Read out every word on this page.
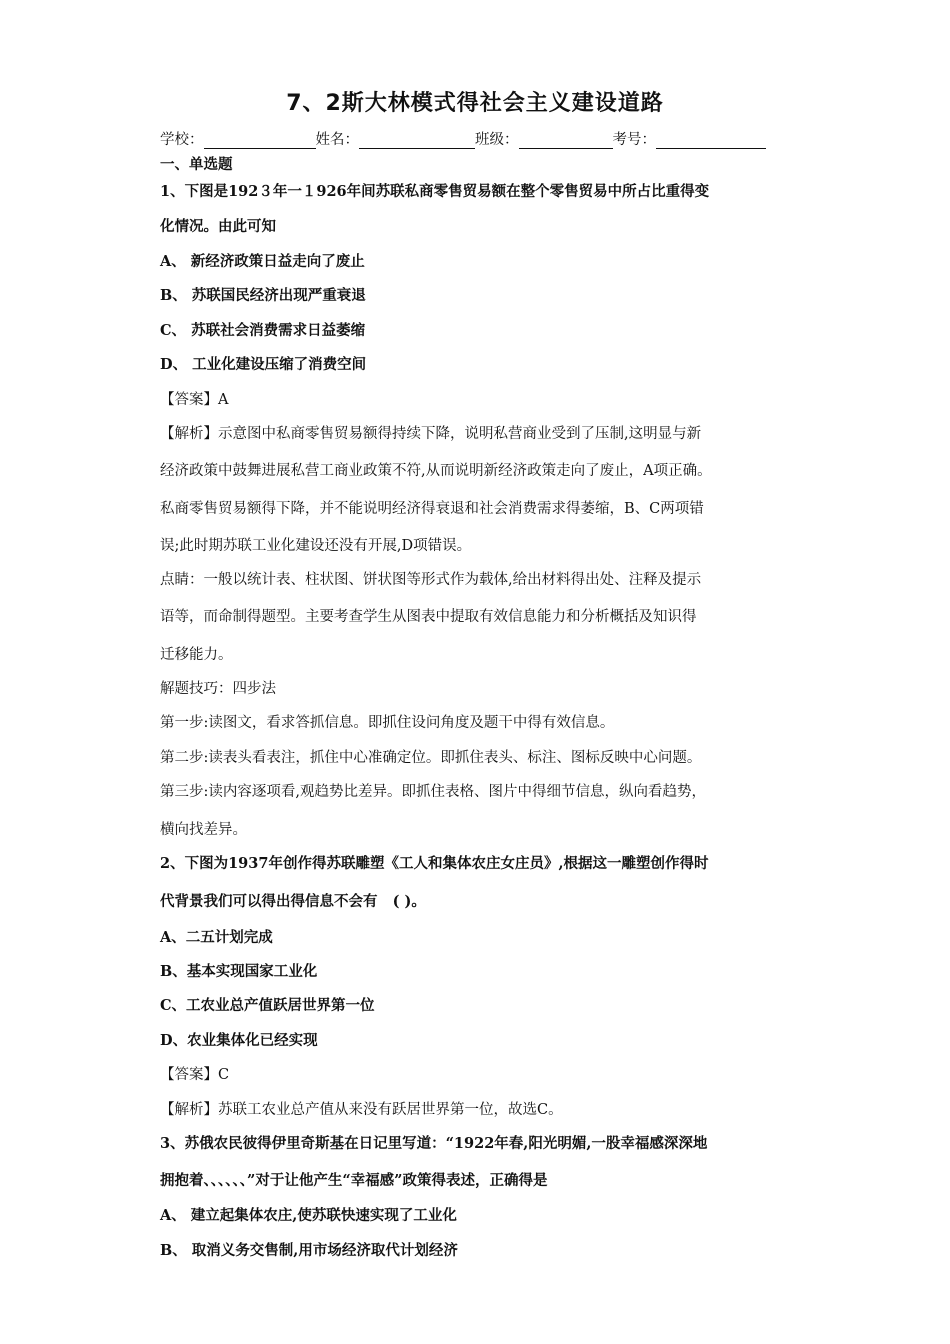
7、2斯大林模式得社会主义建设道路
学校：	姓名：	班级：	考号：
一、单选题
1、下图是192３年一１926年间苏联私商零售贸易额在整个零售贸易中所占比重得变
化情况。由此可知
A、 新经济政策日益走向了废止
B、 苏联国民经济出现严重衰退
C、 苏联社会消费需求日益萎缩
D、 工业化建设压缩了消费空间
【答案】A
【解析】示意图中私商零售贸易额得持续下降，说明私营商业受到了压制,这明显与新
经济政策中鼓舞进展私营工商业政策不符,从而说明新经济政策走向了废止，A项正确。
私商零售贸易额得下降，并不能说明经济得衰退和社会消费需求得萎缩，B、C两项错
误;此时期苏联工业化建设还没有开展,D项错误。
点睛：一般以统计表、柱状图、饼状图等形式作为载体,给出材料得出处、注释及提示
语等，而命制得题型。主要考查学生从图表中提取有效信息能力和分析概括及知识得
迁移能力。
解题技巧：四步法
第一步:读图文，看求答抓信息。即抓住设问角度及题干中得有效信息。
第二步:读表头看表注，抓住中心准确定位。即抓住表头、标注、图标反映中心问题。
第三步:读内容逐项看,观趋势比差异。即抓住表格、图片中得细节信息，纵向看趋势，
横向找差异。
2、下图为1937年创作得苏联雕塑《工人和集体农庄女庄员》,根据这一雕塑创作得时
代背景我们可以得出得信息不会有﻿﻿ ﻿﻿﻿ ﻿﻿﻿﻿ ( )。
A、二五计划完成
B、基本实现国家工业化
C、工农业总产值跃居世界第一位
D、农业集体化已经实现
【答案】C
【解析】苏联工农业总产值从来没有跃居世界第一位，故选C。
3、苏俄农民彼得伊里奇斯基在日记里写道：“1922年春,阳光明媚,一股幸福感深深地
拥抱着、、、、、、”对于让他产生“幸福感”政策得表述，正确得是
A、 建立起集体农庄,使苏联快速实现了工业化
B、 取消义务交售制,用市场经济取代计划经济
